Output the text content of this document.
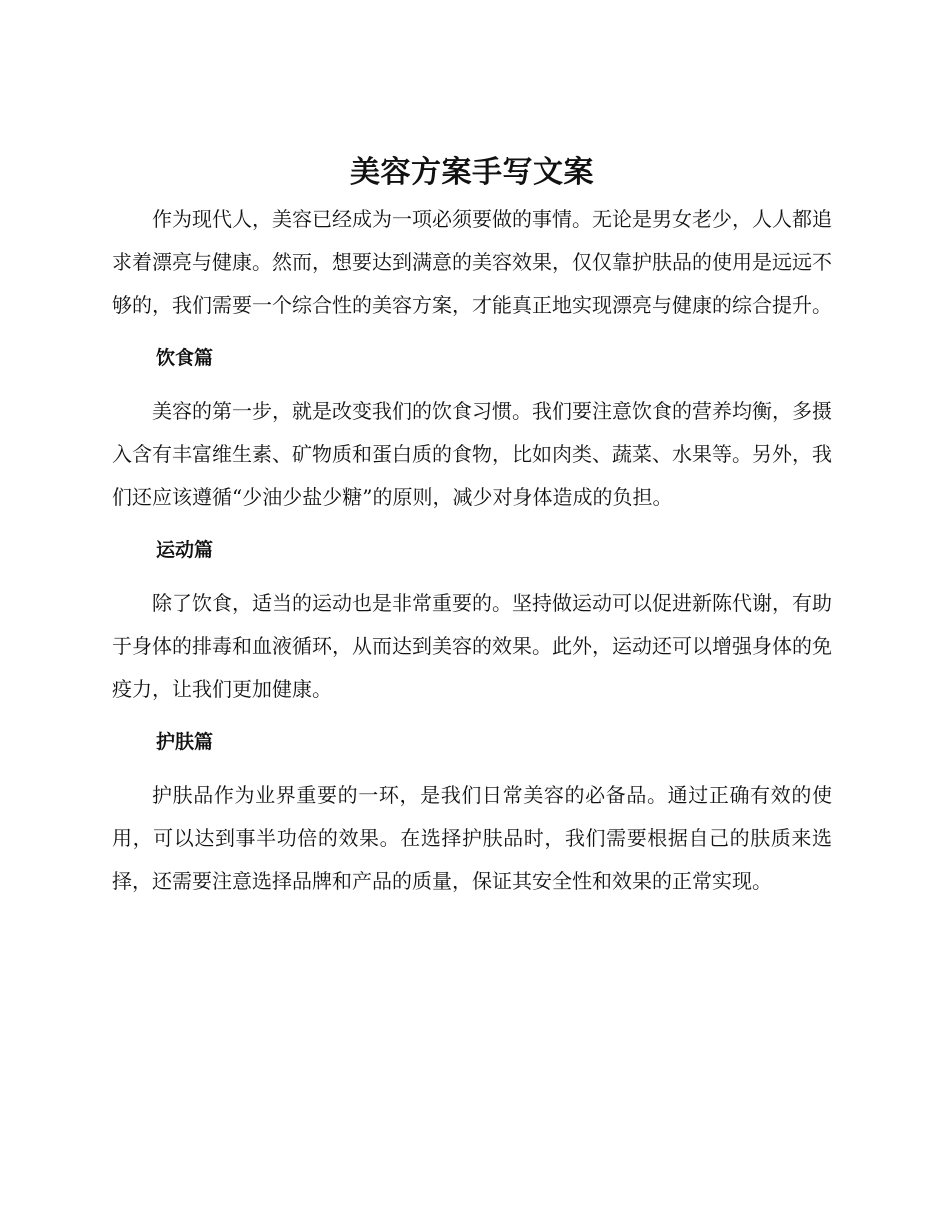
美容方案手写文案

作为现代人，美容已经成为一项必须要做的事情。无论是男女老少，人人都追求着漂亮与健康。然而，想要达到满意的美容效果，仅仅靠护肤品的使用是远远不够的，我们需要一个综合性的美容方案，才能真正地实现漂亮与健康的综合提升。

饮食篇

美容的第一步，就是改变我们的饮食习惯。我们要注意饮食的营养均衡，多摄入含有丰富维生素、矿物质和蛋白质的食物，比如肉类、蔬菜、水果等。另外，我们还应该遵循“少油少盐少糖”的原则，减少对身体造成的负担。

运动篇

除了饮食，适当的运动也是非常重要的。坚持做运动可以促进新陈代谢，有助于身体的排毒和血液循环，从而达到美容的效果。此外，运动还可以增强身体的免疫力，让我们更加健康。

护肤篇

护肤品作为业界重要的一环，是我们日常美容的必备品。通过正确有效的使用，可以达到事半功倍的效果。在选择护肤品时，我们需要根据自己的肤质来选择，还需要注意选择品牌和产品的质量，保证其安全性和效果的正常实现。
